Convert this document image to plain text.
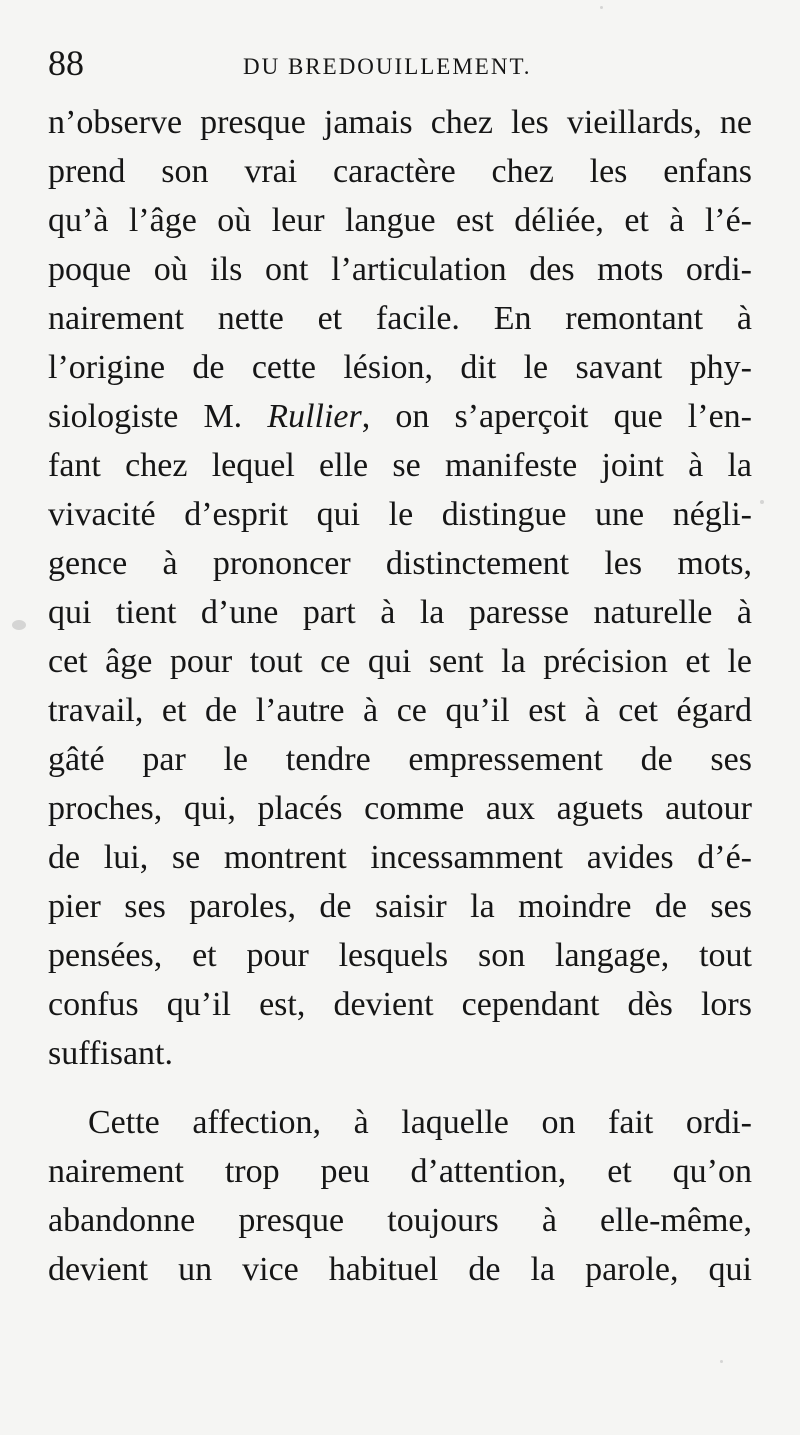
88	DU BREDOUILLEMENT.
n’observe presque jamais chez les vieillards, ne
prend son vrai caractère chez les enfans
qu’à l’âge où leur langue est déliée, et à l’é-
poque où ils ont l’articulation des mots ordi-
nairement nette et facile. En remontant à
l’origine de cette lésion, dit le savant phy-
siologiste M. Rullier, on s’aperçoit que l’en-
fant chez lequel elle se manifeste joint à la
vivacité d’esprit qui le distingue une négli-
gence à prononcer distinctement les mots,
qui tient d’une part à la paresse naturelle à
cet âge pour tout ce qui sent la précision et le
travail, et de l’autre à ce qu’il est à cet égard
gâté par le tendre empressement de ses
proches, qui, placés comme aux aguets autour
de lui, se montrent incessamment avides d’é-
pier ses paroles, de saisir la moindre de ses
pensées, et pour lesquels son langage, tout
confus qu’il est, devient cependant dès lors
suffisant.
Cette affection, à laquelle on fait ordi-
nairement trop peu d’attention, et qu’on
abandonne presque toujours à elle-même,
devient un vice habituel de la parole, qui
